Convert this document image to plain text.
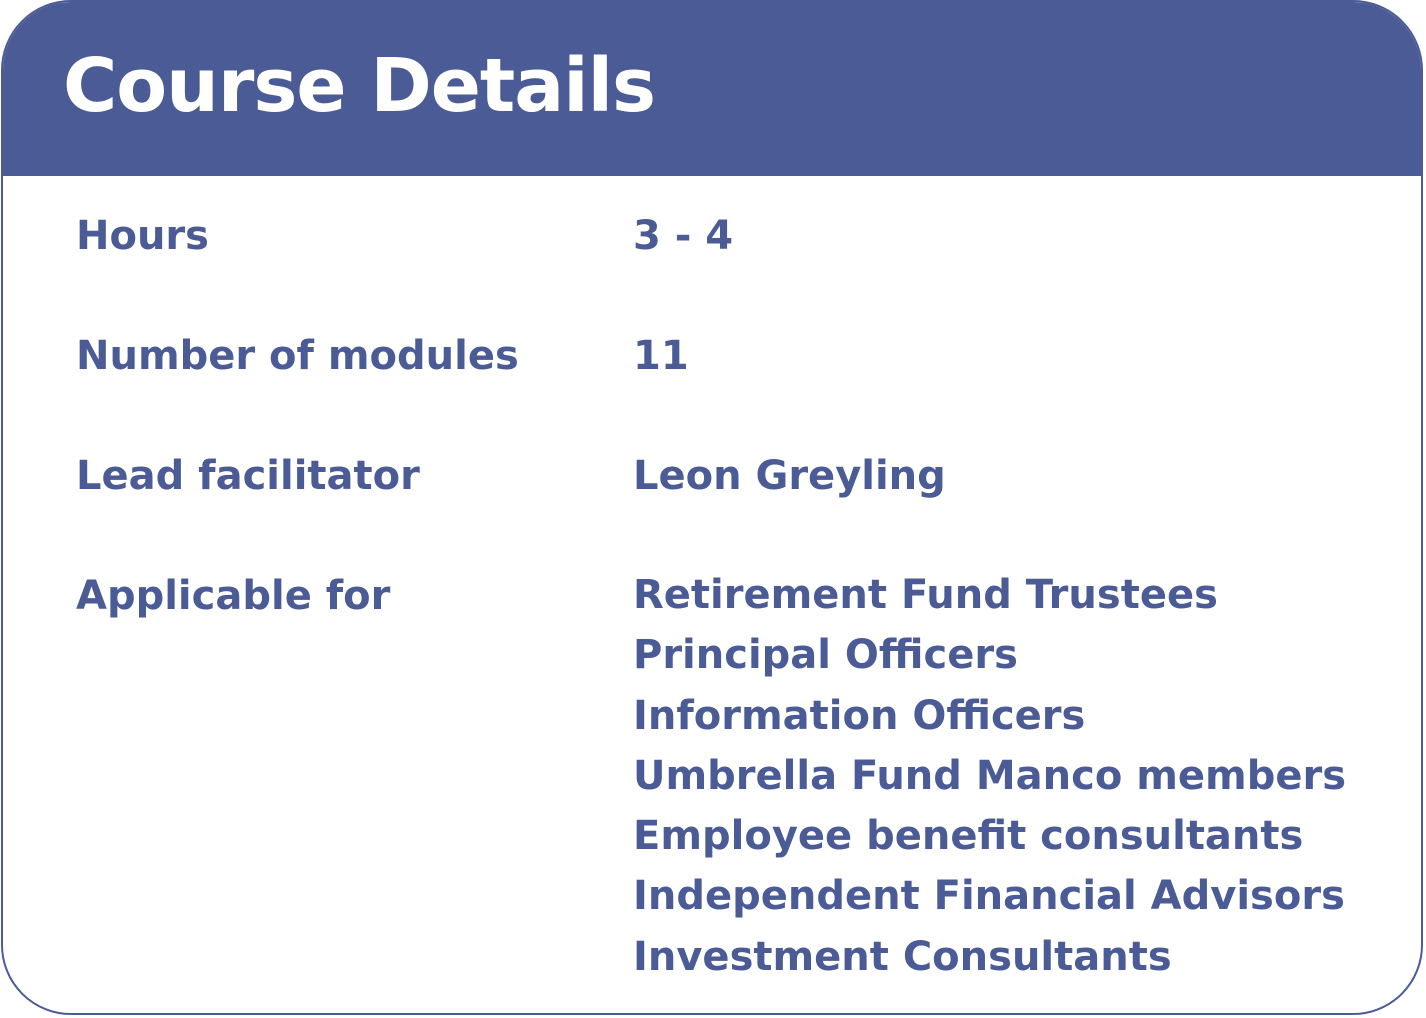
Course Details
Hours	3 - 4
Number of modules	11
Lead facilitator	Leon Greyling
Applicable for	Retirement Fund Trustees
Principal Officers
Information Officers
Umbrella Fund Manco members
Employee benefit consultants
Independent Financial Advisors
Investment Consultants
